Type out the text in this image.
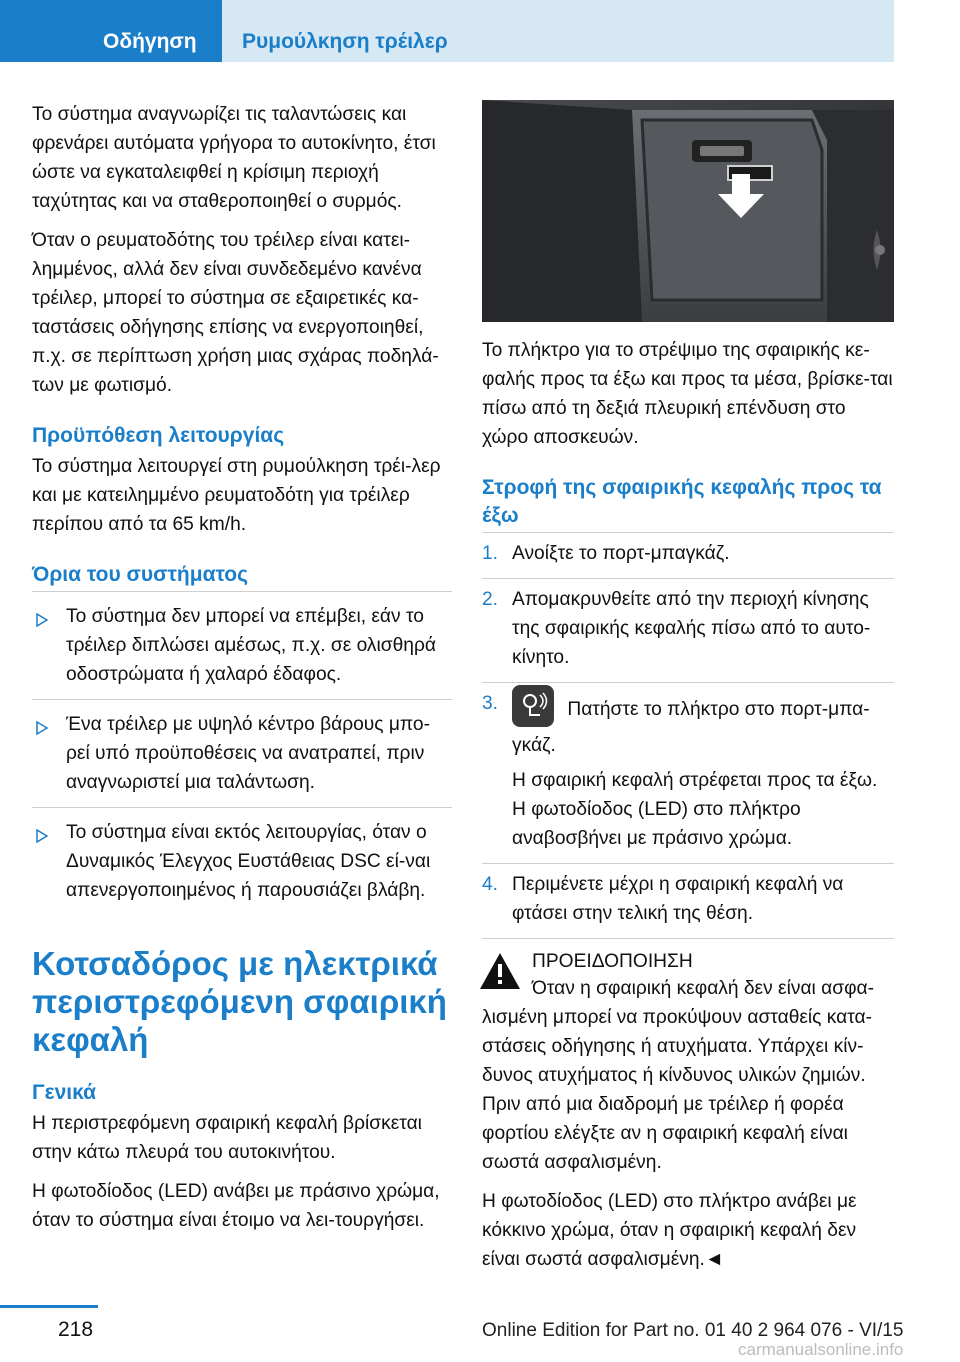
Οδήγηση Ρυμούλκηση τρέιλερ

Το σύστημα αναγνωρίζει τις ταλαντώσεις και φρενάρει αυτόματα γρήγορα το αυτοκίνητο, έτσι ώστε να εγκαταλειφθεί η κρίσιμη περιοχή ταχύτητας και να σταθεροποιηθεί ο συρμός.

Όταν ο ρευματοδότης του τρέιλερ είναι κατει‐λημμένος, αλλά δεν είναι συνδεδεμένο κανένα τρέιλερ, μπορεί το σύστημα σε εξαιρετικές κα‐ταστάσεις οδήγησης επίσης να ενεργοποιηθεί, π.χ. σε περίπτωση χρήση μιας σχάρας ποδηλά‐των με φωτισμό.

Προϋπόθεση λειτουργίας

Το σύστημα λειτουργεί στη ρυμούλκηση τρέι‐λερ και με κατειλημμένο ρευματοδότη για τρέιλερ περίπου από τα 65 km/h.

Όρια του συστήματος
Το σύστημα δεν μπορεί να επέμβει, εάν το τρέιλερ διπλώσει αμέσως, π.χ. σε ολισθηρά οδοστρώματα ή χαλαρό έδαφος.
Ένα τρέιλερ με υψηλό κέντρο βάρους μπο‐ρεί υπό προϋποθέσεις να ανατραπεί, πριν αναγνωριστεί μια ταλάντωση.
Το σύστημα είναι εκτός λειτουργίας, όταν ο Δυναμικός Έλεγχος Ευστάθειας DSC εί‐ναι απενεργοποιημένος ή παρουσιάζει βλάβη.
Κοτσαδόρος με ηλεκτρικά περιστρεφόμενη σφαιρική κεφαλή
Γενικά

Η περιστρεφόμενη σφαιρική κεφαλή βρίσκεται στην κάτω πλευρά του αυτοκινήτου.

Η φωτοδίοδος (LED) ανάβει με πράσινο χρώμα, όταν το σύστημα είναι έτοιμο να λει‐τουργήσει.

Το πλήκτρο για το στρέψιμο της σφαιρικής κε‐φαλής προς τα έξω και προς τα μέσα, βρίσκε‐ται πίσω από τη δεξιά πλευρική επένδυση στο χώρο αποσκευών.

Στροφή της σφαιρικής κεφαλής προς τα έξω
1. Ανοίξτε το πορτ-μπαγκάζ.
2. Απομακρυνθείτε από την περιοχή κίνησης της σφαιρικής κεφαλής πίσω από το αυτο‐κίνητο.
3.	Πατήστε το πλήκτρο στο πορτ-μπα‐γκάζ.
Η σφαιρική κεφαλή στρέφεται προς τα έξω. Η φωτοδίοδος (LED) στο πλήκτρο αναβοσβήνει με πράσινο χρώμα.
4. Περιμένετε μέχρι η σφαιρική κεφαλή να φτάσει στην τελική της θέση.

ΠΡΟΕΙΔΟΠΟΙΗΣΗ

Όταν η σφαιρική κεφαλή δεν είναι ασφα‐λισμένη μπορεί να προκύψουν ασταθείς κατα‐στάσεις οδήγησης ή ατυχήματα. Υπάρχει κίν‐δυνος ατυχήματος ή κίνδυνος υλικών ζημιών. Πριν από μια διαδρομή με τρέιλερ ή φορέα φορτίου ελέγξτε αν η σφαιρική κεφαλή είναι σωστά ασφαλισμένη.

Η φωτοδίοδος (LED) στο πλήκτρο ανάβει με κόκκινο χρώμα, όταν η σφαιρική κεφαλή δεν είναι σωστά ασφαλισμένη.◄

218	Online Edition for Part no. 01 40 2 964 076 - VI/15
carmanualsonline.info
